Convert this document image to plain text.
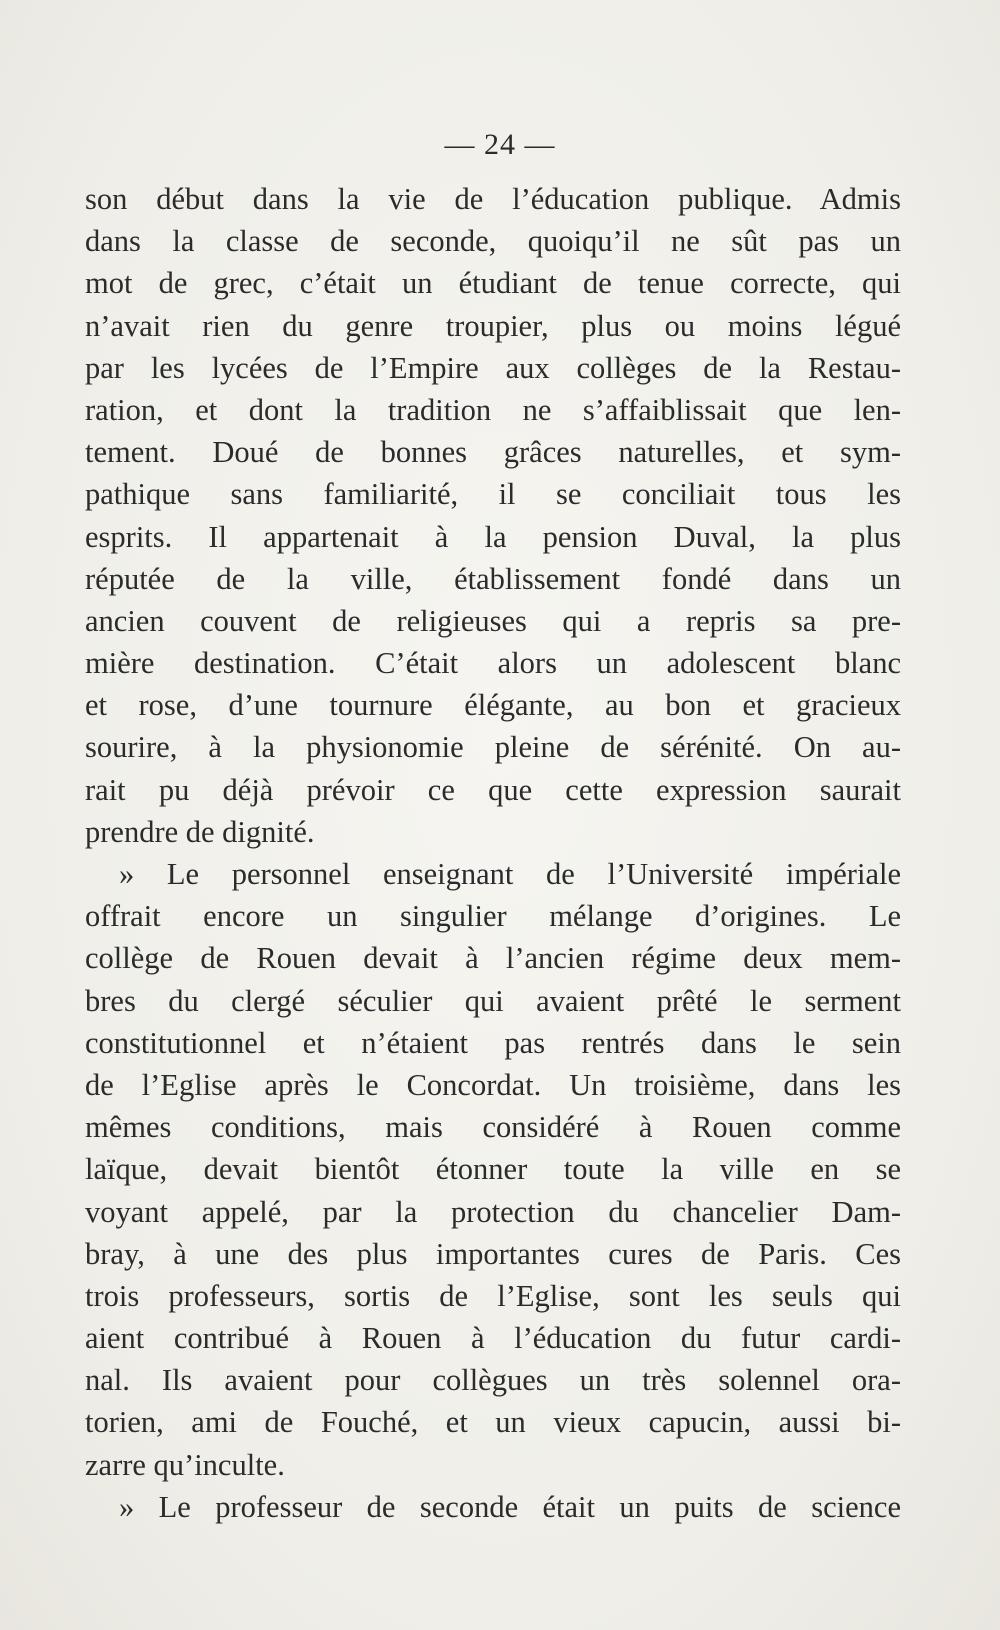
— 24 —
son début dans la vie de l’éducation publique. Admis
dans la classe de seconde, quoiqu’il ne sût pas un
mot de grec, c’était un étudiant de tenue correcte, qui
n’avait rien du genre troupier, plus ou moins légué
par les lycées de l’Empire aux collèges de la Restau-
ration, et dont la tradition ne s’affaiblissait que len-
tement. Doué de bonnes grâces naturelles, et sym-
pathique sans familiarité, il se conciliait tous les
esprits. Il appartenait à la pension Duval, la plus
réputée de la ville, établissement fondé dans un
ancien couvent de religieuses qui a repris sa pre-
mière destination. C’était alors un adolescent blanc
et rose, d’une tournure élégante, au bon et gracieux
sourire, à la physionomie pleine de sérénité. On au-
rait pu déjà prévoir ce que cette expression saurait
prendre de dignité.
» Le personnel enseignant de l’Université impériale
offrait encore un singulier mélange d’origines. Le
collège de Rouen devait à l’ancien régime deux mem-
bres du clergé séculier qui avaient prêté le serment
constitutionnel et n’étaient pas rentrés dans le sein
de l’Eglise après le Concordat. Un troisième, dans les
mêmes conditions, mais considéré à Rouen comme
laïque, devait bientôt étonner toute la ville en se
voyant appelé, par la protection du chancelier Dam-
bray, à une des plus importantes cures de Paris. Ces
trois professeurs, sortis de l’Eglise, sont les seuls qui
aient contribué à Rouen à l’éducation du futur cardi-
nal. Ils avaient pour collègues un très solennel ora-
torien, ami de Fouché, et un vieux capucin, aussi bi-
zarre qu’inculte.
» Le professeur de seconde était un puits de science
